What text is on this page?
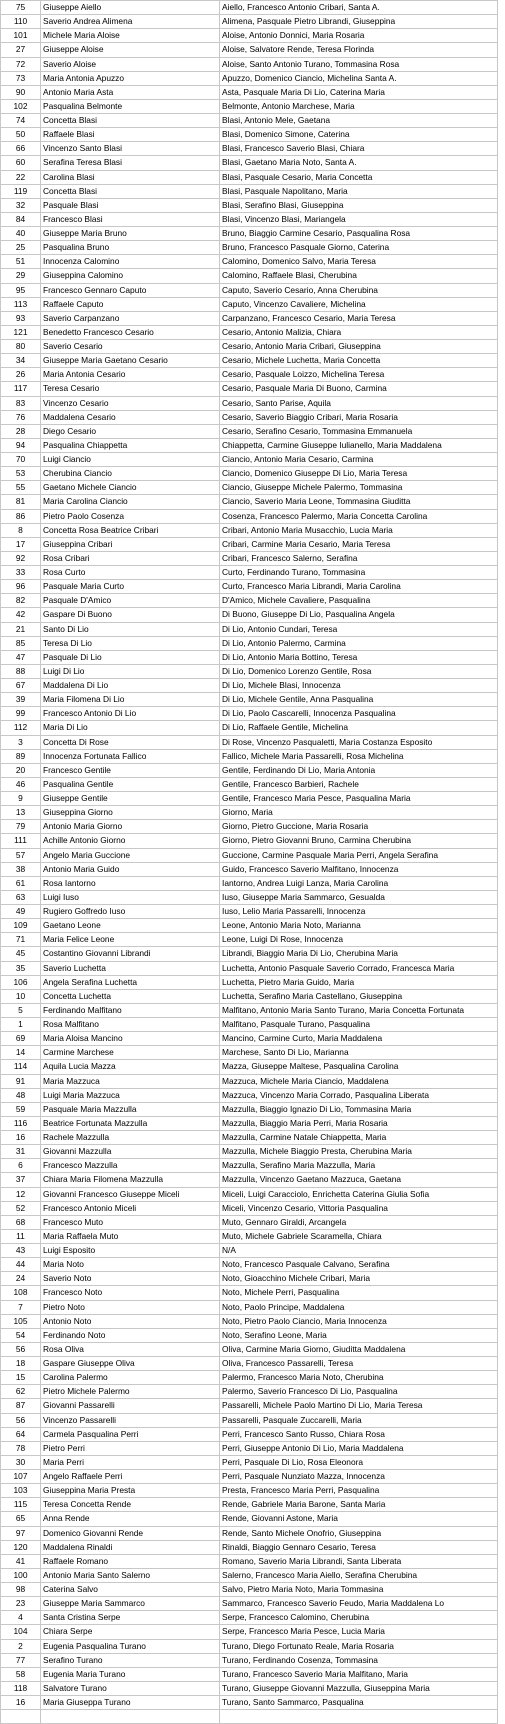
75	Giuseppe Aiello	Aiello, Francesco Antonio Cribari, Santa A.
110	Saverio Andrea Alimena	Alimena, Pasquale Pietro Librandi, Giuseppina
101	Michele Maria Aloise	Aloise, Antonio Donnici, Maria Rosaria
27	Giuseppe Aloise	Aloise, Salvatore Rende, Teresa Florinda
72	Saverio Aloise	Aloise, Santo Antonio Turano, Tommasina Rosa
73	Maria Antonia Apuzzo	Apuzzo, Domenico Ciancio, Michelina Santa A.
90	Antonio Maria Asta	Asta, Pasquale Maria Di Lio, Caterina Maria
102	Pasqualina Belmonte	Belmonte, Antonio Marchese, Maria
74	Concetta Blasi	Blasi, Antonio Mele, Gaetana
50	Raffaele Blasi	Blasi, Domenico Simone, Caterina
66	Vincenzo Santo Blasi	Blasi, Francesco Saverio Blasi, Chiara
60	Serafina Teresa Blasi	Blasi, Gaetano Maria Noto, Santa A.
22	Carolina Blasi	Blasi, Pasquale Cesario, Maria Concetta
119	Concetta Blasi	Blasi, Pasquale Napolitano, Maria
32	Pasquale Blasi	Blasi, Serafino Blasi, Giuseppina
84	Francesco Blasi	Blasi, Vincenzo Blasi, Mariangela
40	Giuseppe Maria Bruno	Bruno, Biaggio Carmine Cesario, Pasqualina Rosa
25	Pasqualina Bruno	Bruno, Francesco Pasquale Giorno, Caterina
51	Innocenza Calomino	Calomino, Domenico Salvo, Maria Teresa
29	Giuseppina Calomino	Calomino, Raffaele Blasi, Cherubina
95	Francesco Gennaro Caputo	Caputo, Saverio Cesario, Anna Cherubina
113	Raffaele Caputo	Caputo, Vincenzo Cavaliere, Michelina
93	Saverio Carpanzano	Carpanzano, Francesco Cesario, Maria Teresa
121	Benedetto Francesco Cesario	Cesario, Antonio Malizia, Chiara
80	Saverio Cesario	Cesario, Antonio Maria Cribari, Giuseppina
34	Giuseppe Maria Gaetano Cesario	Cesario, Michele Luchetta, Maria Concetta
26	Maria Antonia Cesario	Cesario, Pasquale Loizzo, Michelina Teresa
117	Teresa Cesario	Cesario, Pasquale Maria Di Buono, Carmina
83	Vincenzo Cesario	Cesario, Santo Parise, Aquila
76	Maddalena Cesario	Cesario, Saverio Biaggio Cribari, Maria Rosaria
28	Diego Cesario	Cesario, Serafino Cesario, Tommasina Emmanuela
94	Pasqualina Chiappetta	Chiappetta, Carmine Giuseppe Iulianello, Maria Maddalena
70	Luigi Ciancio	Ciancio, Antonio Maria Cesario, Carmina
53	Cherubina Ciancio	Ciancio, Domenico Giuseppe Di Lio, Maria Teresa
55	Gaetano Michele Ciancio	Ciancio, Giuseppe Michele Palermo, Tommasina
81	Maria Carolina Ciancio	Ciancio, Saverio Maria Leone, Tommasina Giuditta
86	Pietro Paolo Cosenza	Cosenza, Francesco Palermo, Maria Concetta Carolina
8	Concetta Rosa Beatrice Cribari	Cribari, Antonio Maria Musacchio, Lucia Maria
17	Giuseppina Cribari	Cribari, Carmine Maria Cesario, Maria Teresa
92	Rosa Cribari	Cribari, Francesco Salerno, Serafina
33	Rosa Curto	Curto, Ferdinando Turano, Tommasina
96	Pasquale Maria Curto	Curto, Francesco Maria Librandi, Maria Carolina
82	Pasquale D'Amico	D'Amico, Michele Cavaliere, Pasqualina
42	Gaspare Di Buono	Di Buono, Giuseppe Di Lio, Pasqualina Angela
21	Santo Di Lio	Di Lio, Antonio Cundari, Teresa
85	Teresa Di Lio	Di Lio, Antonio Palermo, Carmina
47	Pasquale Di Lio	Di Lio, Antonio Maria Bottino, Teresa
88	Luigi Di Lio	Di Lio, Domenico Lorenzo Gentile, Rosa
67	Maddalena Di Lio	Di Lio, Michele Blasi, Innocenza
39	Maria Filomena Di Lio	Di Lio, Michele Gentile, Anna Pasqualina
99	Francesco Antonio Di Lio	Di Lio, Paolo Cascarelli, Innocenza Pasqualina
112	Maria Di Lio	Di Lio, Raffaele Gentile, Michelina
3	Concetta Di Rose	Di Rose, Vincenzo Pasqualetti, Maria Costanza Esposito
89	Innocenza Fortunata Fallico	Fallico, Michele Maria Passarelli, Rosa Michelina
20	Francesco Gentile	Gentile, Ferdinando Di Lio, Maria Antonia
46	Pasqualina Gentile	Gentile, Francesco Barbieri, Rachele
9	Giuseppe Gentile	Gentile, Francesco Maria Pesce, Pasqualina Maria
13	Giuseppina Giorno	Giorno, Maria
79	Antonio Maria Giorno	Giorno, Pietro Guccione, Maria Rosaria
111	Achille Antonio Giorno	Giorno, Pietro Giovanni Bruno, Carmina Cherubina
57	Angelo Maria Guccione	Guccione, Carmine Pasquale Maria Perri, Angela Serafina
38	Antonio Maria Guido	Guido, Francesco Saverio Malfitano, Innocenza
61	Rosa Iantorno	Iantorno, Andrea Luigi Lanza, Maria Carolina
63	Luigi Iuso	Iuso, Giuseppe Maria Sammarco, Gesualda
49	Rugiero Goffredo Iuso	Iuso, Lelio Maria Passarelli, Innocenza
109	Gaetano Leone	Leone, Antonio Maria Noto, Marianna
71	Maria Felice Leone	Leone, Luigi Di Rose, Innocenza
45	Costantino Giovanni Librandi	Librandi, Biaggio Maria Di Lio, Cherubina Maria
35	Saverio Luchetta	Luchetta, Antonio Pasquale Saverio Corrado, Francesca Maria
106	Angela Serafina Luchetta	Luchetta, Pietro Maria Guido, Maria
10	Concetta Luchetta	Luchetta, Serafino Maria Castellano, Giuseppina
5	Ferdinando Malfitano	Malfitano, Antonio Maria Santo Turano, Maria Concetta Fortunata
1	Rosa Malfitano	Malfitano, Pasquale Turano, Pasqualina
69	Maria Aloisa Mancino	Mancino, Carmine Curto, Maria Maddalena
14	Carmine Marchese	Marchese, Santo Di Lio, Marianna
114	Aquila Lucia Mazza	Mazza, Giuseppe Maltese, Pasqualina Carolina
91	Maria Mazzuca	Mazzuca, Michele Maria Ciancio, Maddalena
48	Luigi Maria Mazzuca	Mazzuca, Vincenzo Maria Corrado, Pasqualina Liberata
59	Pasquale Maria Mazzulla	Mazzulla, Biaggio Ignazio Di Lio, Tommasina Maria
116	Beatrice Fortunata Mazzulla	Mazzulla, Biaggio Maria Perri, Maria Rosaria
16	Rachele Mazzulla	Mazzulla, Carmine Natale Chiappetta, Maria
31	Giovanni Mazzulla	Mazzulla, Michele Biaggio Presta, Cherubina Maria
6	Francesco Mazzulla	Mazzulla, Serafino Maria Mazzulla, Maria
37	Chiara Maria Filomena Mazzulla	Mazzulla, Vincenzo Gaetano Mazzuca, Gaetana
12	Giovanni Francesco Giuseppe Miceli	Miceli, Luigi Caracciolo, Enrichetta Caterina Giulia Sofia
52	Francesco Antonio Miceli	Miceli, Vincenzo Cesario, Vittoria Pasqualina
68	Francesco Muto	Muto, Gennaro Giraldi, Arcangela
11	Maria Raffaela Muto	Muto, Michele Gabriele Scaramella, Chiara
43	Luigi Esposito	N/A
44	Maria Noto	Noto, Francesco Pasquale Calvano, Serafina
24	Saverio Noto	Noto, Gioacchino Michele Cribari, Maria
108	Francesco Noto	Noto, Michele Perri, Pasqualina
7	Pietro Noto	Noto, Paolo Principe, Maddalena
105	Antonio Noto	Noto, Pietro Paolo Ciancio, Maria Innocenza
54	Ferdinando Noto	Noto, Serafino Leone, Maria
56	Rosa Oliva	Oliva, Carmine Maria Giorno, Giuditta Maddalena
18	Gaspare Giuseppe Oliva	Oliva, Francesco Passarelli, Teresa
15	Carolina Palermo	Palermo, Francesco Maria Noto, Cherubina
62	Pietro Michele Palermo	Palermo, Saverio Francesco Di Lio, Pasqualina
87	Giovanni Passarelli	Passarelli, Michele Paolo Martino Di Lio, Maria Teresa
56	Vincenzo Passarelli	Passarelli, Pasquale Zuccarelli, Maria
64	Carmela Pasqualina Perri	Perri, Francesco Santo Russo, Chiara Rosa
78	Pietro Perri	Perri, Giuseppe Antonio Di Lio, Maria Maddalena
30	Maria Perri	Perri, Pasquale Di Lio, Rosa Eleonora
107	Angelo Raffaele Perri	Perri, Pasquale Nunziato Mazza, Innocenza
103	Giuseppina Maria Presta	Presta, Francesco Maria Perri, Pasqualina
115	Teresa Concetta Rende	Rende, Gabriele Maria Barone, Santa Maria
65	Anna Rende	Rende, Giovanni Astone, Maria
97	Domenico Giovanni Rende	Rende, Santo Michele Onofrio, Giuseppina
120	Maddalena Rinaldi	Rinaldi, Biaggio Gennaro Cesario, Teresa
41	Raffaele Romano	Romano, Saverio Maria Librandi, Santa Liberata
100	Antonio Maria Santo Salerno	Salerno, Francesco Maria Aiello, Serafina Cherubina
98	Caterina Salvo	Salvo, Pietro Maria Noto, Maria Tommasina
23	Giuseppe Maria Sammarco	Sammarco, Francesco Saverio Feudo, Maria Maddalena Lo
4	Santa Cristina Serpe	Serpe, Francesco Calomino, Cherubina
104	Chiara Serpe	Serpe, Francesco Maria Pesce, Lucia Maria
2	Eugenia Pasqualina Turano	Turano, Diego Fortunato Reale, Maria Rosaria
77	Serafino Turano	Turano, Ferdinando Cosenza, Tommasina
58	Eugenia Maria Turano	Turano, Francesco Saverio Maria Malfitano, Maria
118	Salvatore Turano	Turano, Giuseppe Giovanni Mazzulla, Giuseppina Maria
16	Maria Giuseppa Turano	Turano, Santo Sammarco, Pasqualina
